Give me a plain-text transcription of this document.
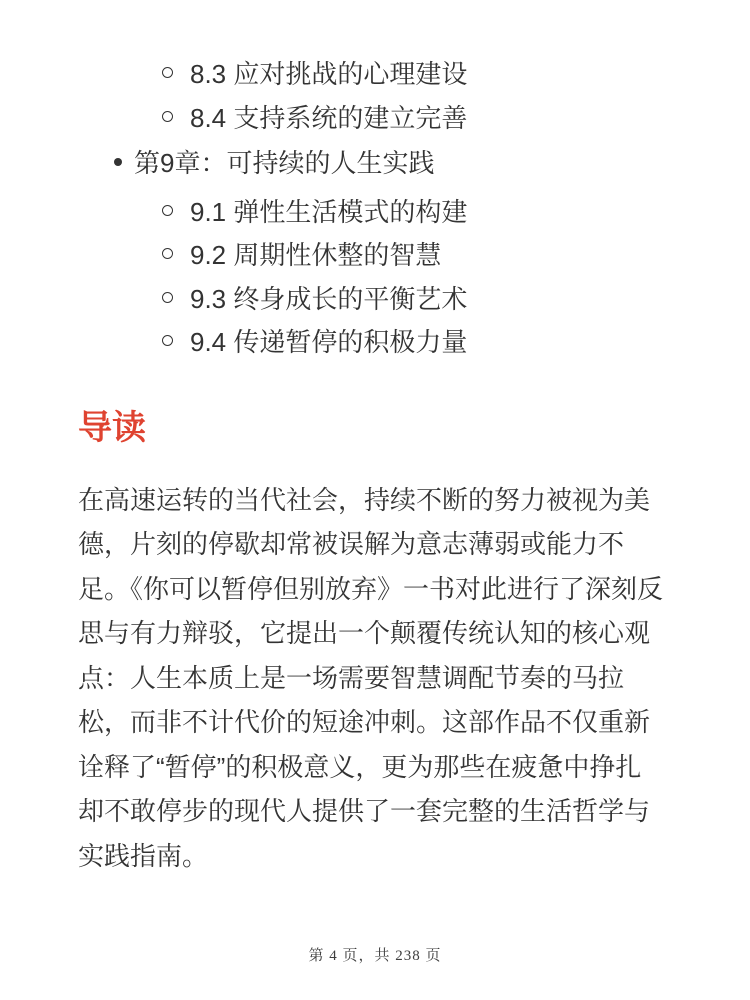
8.3 应对挑战的心理建设
8.4 支持系统的建立完善
第9章：可持续的人生实践
9.1 弹性生活模式的构建
9.2 周期性休整的智慧
9.3 终身成长的平衡艺术
9.4 传递暂停的积极力量
导读

在高速运转的当代社会，持续不断的努力被视为美德，片刻的停歇却常被误解为意志薄弱或能力不足。《你可以暂停但别放弃》一书对此进行了深刻反思与有力辩驳，它提出一个颠覆传统认知的核心观点：人生本质上是一场需要智慧调配节奏的马拉松，而非不计代价的短途冲刺。这部作品不仅重新诠释了“暂停”的积极意义，更为那些在疲惫中挣扎却不敢停步的现代人提供了一套完整的生活哲学与实践指南。

第 4 页，共 238 页
